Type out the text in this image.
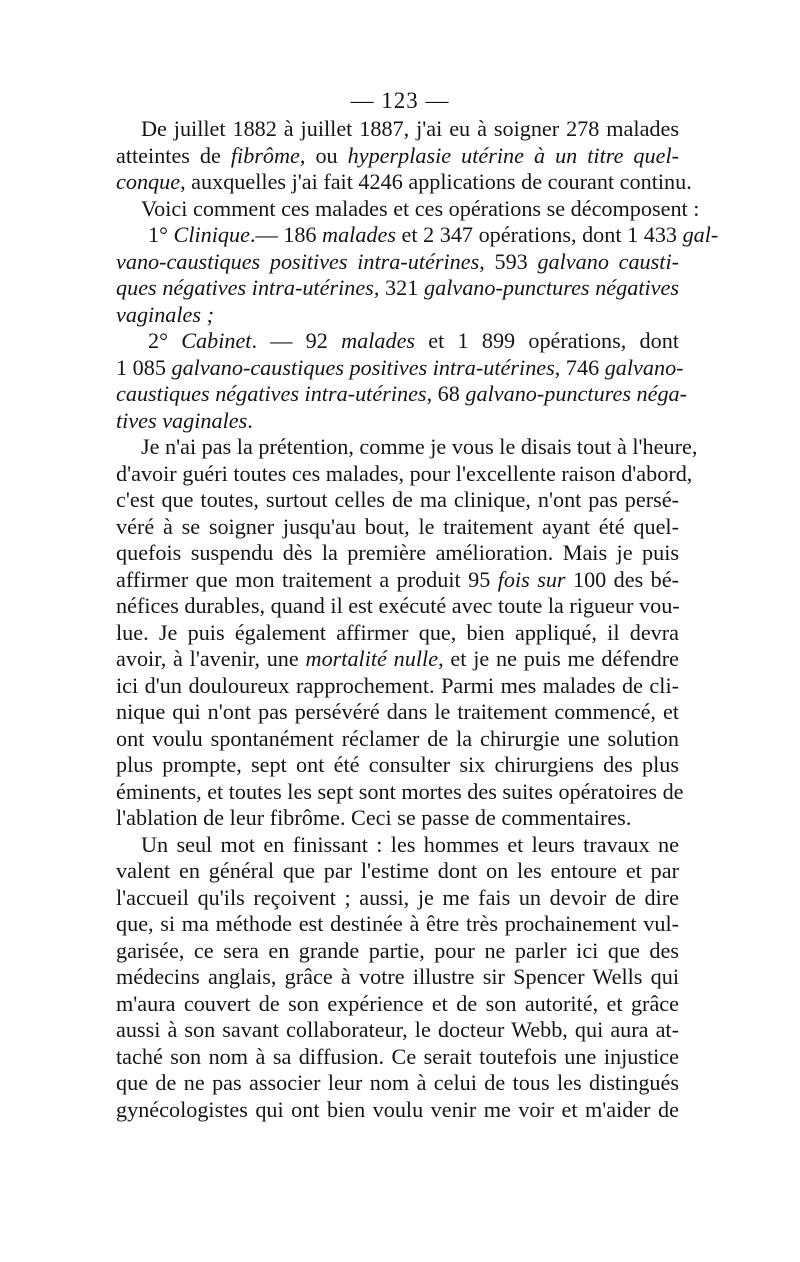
— 123 —
De juillet 1882 à juillet 1887, j'ai eu à soigner 278 malades
atteintes de fibrôme, ou hyperplasie utérine à un titre quel-
conque, auxquelles j'ai fait 4246 applications de courant continu.
Voici comment ces malades et ces opérations se décomposent :
1° Clinique.— 186 malades et 2 347 opérations, dont 1 433 gal-
vano-caustiques positives intra-utérines, 593 galvano causti-
ques négatives intra-utérines, 321 galvano-punctures négatives
vaginales ;
2° Cabinet. — 92 malades et 1 899 opérations, dont
1 085 galvano-caustiques positives intra-utérines, 746 galvano-
caustiques négatives intra-utérines, 68 galvano-punctures néga-
tives vaginales.
Je n'ai pas la prétention, comme je vous le disais tout à l'heure,
d'avoir guéri toutes ces malades, pour l'excellente raison d'abord,
c'est que toutes, surtout celles de ma clinique, n'ont pas persé-
véré à se soigner jusqu'au bout, le traitement ayant été quel-
quefois suspendu dès la première amélioration. Mais je puis
affirmer que mon traitement a produit 95 fois sur 100 des bé-
néfices durables, quand il est exécuté avec toute la rigueur vou-
lue. Je puis également affirmer que, bien appliqué, il devra
avoir, à l'avenir, une mortalité nulle, et je ne puis me défendre
ici d'un douloureux rapprochement. Parmi mes malades de cli-
nique qui n'ont pas persévéré dans le traitement commencé, et
ont voulu spontanément réclamer de la chirurgie une solution
plus prompte, sept ont été consulter six chirurgiens des plus
éminents, et toutes les sept sont mortes des suites opératoires de
l'ablation de leur fibrôme. Ceci se passe de commentaires.
Un seul mot en finissant : les hommes et leurs travaux ne
valent en général que par l'estime dont on les entoure et par
l'accueil qu'ils reçoivent ; aussi, je me fais un devoir de dire
que, si ma méthode est destinée à être très prochainement vul-
garisée, ce sera en grande partie, pour ne parler ici que des
médecins anglais, grâce à votre illustre sir Spencer Wells qui
m'aura couvert de son expérience et de son autorité, et grâce
aussi à son savant collaborateur, le docteur Webb, qui aura at-
taché son nom à sa diffusion. Ce serait toutefois une injustice
que de ne pas associer leur nom à celui de tous les distingués
gynécologistes qui ont bien voulu venir me voir et m'aider de
